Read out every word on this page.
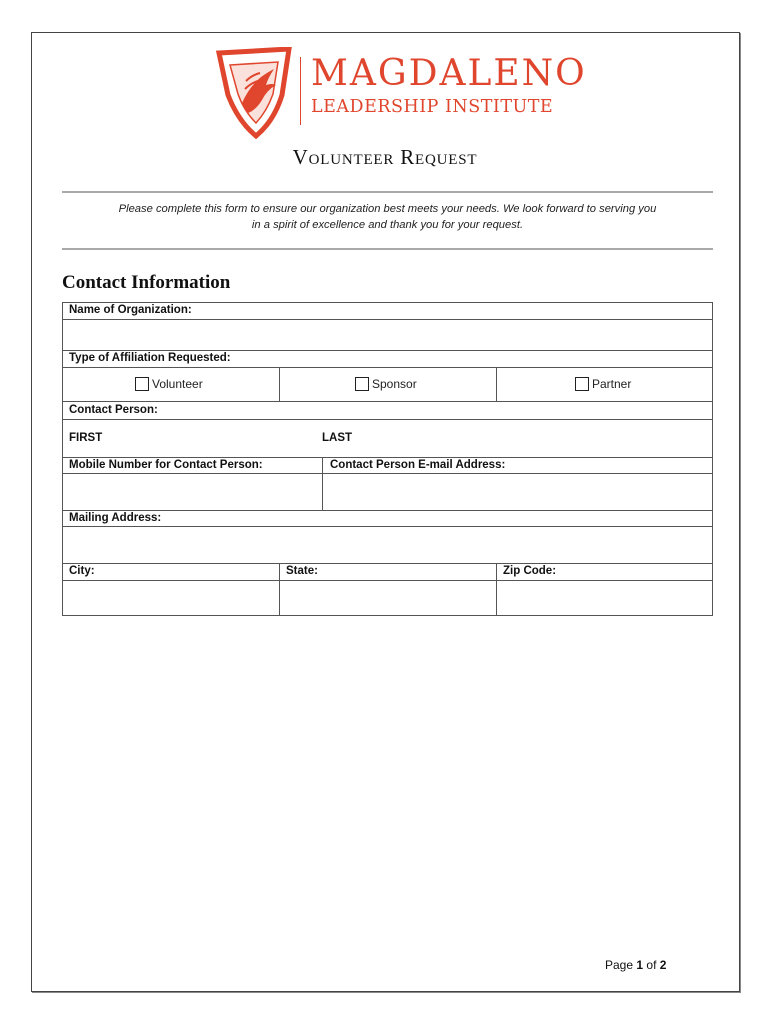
MAGDALENO
LEADERSHIP INSTITUTE
Volunteer Request
Please complete this form to ensure our organization best meets your needs. We look forward to serving you
in a spirit of excellence and thank you for your request.
Contact Information
Name of Organization:
Type of Affiliation Requested:
Volunteer	Sponsor	Partner
Contact Person:
FIRST	LAST
Mobile Number for Contact Person:	Contact Person E-mail Address:
Mailing Address:
City:	State:	Zip Code:
Page 1 of 2
